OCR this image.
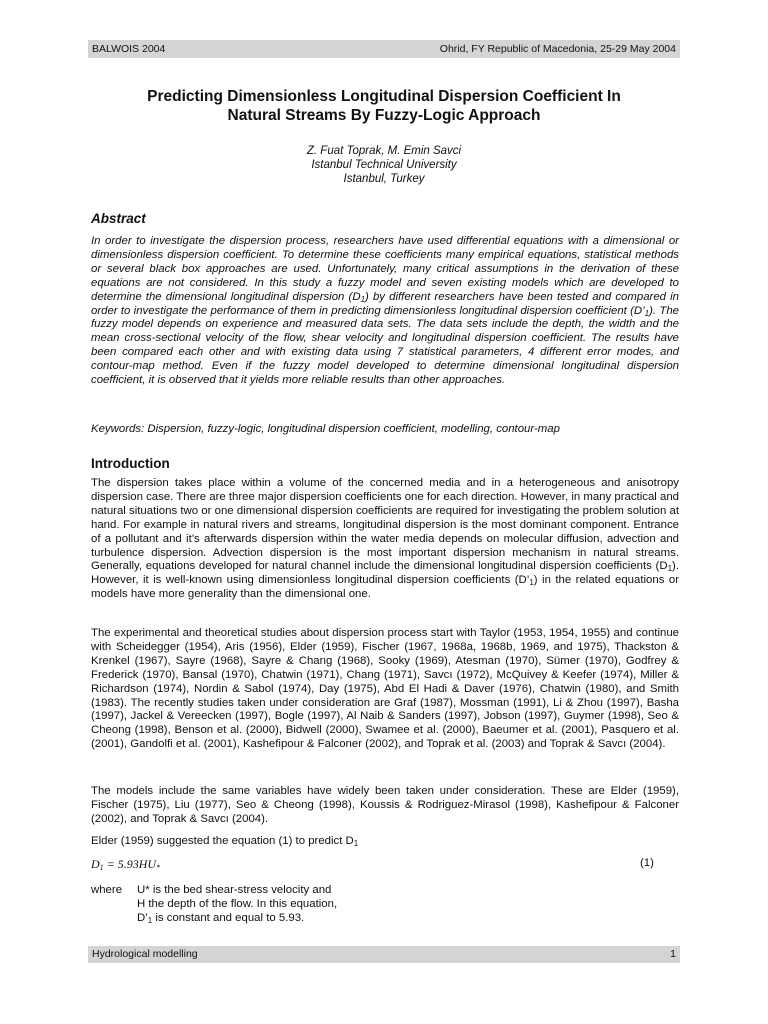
BALWOIS 2004	Ohrid, FY Republic of Macedonia, 25-29 May 2004
Predicting Dimensionless Longitudinal Dispersion Coefficient In
Natural Streams By Fuzzy-Logic Approach
Z. Fuat Toprak, M. Emin Savci
Istanbul Technical University
Istanbul, Turkey
Abstract

In order to investigate the dispersion process, researchers have used differential equations with a dimensional or dimensionless dispersion coefficient. To determine these coefficients many empirical equations, statistical methods or several black box approaches are used. Unfortunately, many critical assumptions in the derivation of these equations are not considered. In this study a fuzzy model and seven existing models which are developed to determine the dimensional longitudinal dispersion $(D_1)$ by different researchers have been tested and compared in order to investigate the performance of them in predicting dimensionless longitudinal dispersion coefficient $(D’_1)$. The fuzzy model depends on experience and measured data sets. The data sets include the depth, the width and the mean cross-sectional velocity of the flow, shear velocity and longitudinal dispersion coefficient. The results have been compared each other and with existing data using 7 statistical parameters, 4 different error modes, and contour-map method. Even if the fuzzy model developed to determine dimensional longitudinal dispersion coefficient, it is observed that it yields more reliable results than other approaches.

Keywords: Dispersion, fuzzy-logic, longitudinal dispersion coefficient, modelling, contour-map

Introduction

The dispersion takes place within a volume of the concerned media and in a heterogeneous and anisotropy dispersion case. There are three major dispersion coefficients one for each direction. However, in many practical and natural situations two or one dimensional dispersion coefficients are required for investigating the problem solution at hand. For example in natural rivers and streams, longitudinal dispersion is the most dominant component. Entrance of a pollutant and it’s afterwards dispersion within the water media depends on molecular diffusion, advection and turbulence dispersion. Advection dispersion is the most important dispersion mechanism in natural streams. Generally, equations developed for natural channel include the dimensional longitudinal dispersion coefficients $(D_1)$. However, it is well-known using dimensionless longitudinal dispersion coefficients $(D’_1)$ in the related equations or models have more generality than the dimensional one.

The experimental and theoretical studies about dispersion process start with Taylor (1953, 1954, 1955) and continue with Scheidegger (1954), Aris (1956), Elder (1959), Fischer (1967, 1968a, 1968b, 1969, and 1975), Thackston & Krenkel (1967), Sayre (1968), Sayre & Chang (1968), Sooky (1969), Atesman (1970), Sümer (1970), Godfrey & Frederick (1970), Bansal (1970), Chatwin (1971), Chang (1971), Savcı (1972), McQuivey & Keefer (1974), Miller & Richardson (1974), Nordin & Sabol (1974), Day (1975), Abd El Hadi & Daver (1976), Chatwin (1980), and Smith (1983). The recently studies taken under consideration are Graf (1987), Mossman (1991), Li & Zhou (1997), Basha (1997), Jackel & Vereecken (1997), Bogle (1997), Al Naib & Sanders (1997), Jobson (1997), Guymer (1998), Seo & Cheong (1998), Benson et al. (2000), Bidwell (2000), Swamee et al. (2000), Baeumer et al. (2001), Pasquero et al. (2001), Gandolfi et al. (2001), Kashefipour & Falconer (2002), and Toprak et al. (2003) and Toprak & Savcı (2004).

The models include the same variables have widely been taken under consideration. These are Elder (1959), Fischer (1975), Liu (1977), Seo & Cheong (1998), Koussis & Rodriguez-Mirasol (1998), Kashefipour & Falconer (2002), and Toprak & Savcı (2004).

Elder (1959) suggested the equation (1) to predict $D_1$

$D_1 = 5.93HU_*$	(1)
where U* is the bed shear-stress velocity and
H the depth of the flow. In this equation,
$D’_1$ is constant and equal to 5.93.
Hydrological modelling	1
